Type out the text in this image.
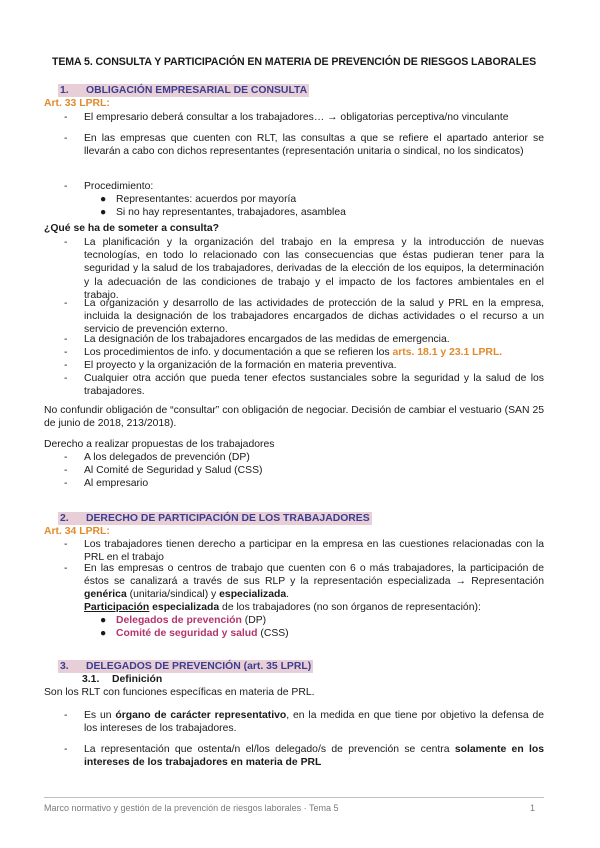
TEMA 5. CONSULTA Y PARTICIPACIÓN EN MATERIA DE PREVENCIÓN DE RIESGOS LABORALES
1. OBLIGACIÓN EMPRESARIAL DE CONSULTA
Art. 33 LPRL:
- El empresario deberá consultar a los trabajadores… → obligatorias perceptiva/no vinculante
- En las empresas que cuenten con RLT, las consultas a que se refiere el apartado anterior se llevarán a cabo con dichos representantes (representación unitaria o sindical, no los sindicatos)
- Procedimiento:
● Representantes: acuerdos por mayoría
● Si no hay representantes, trabajadores, asamblea
¿Qué se ha de someter a consulta?
- La planificación y la organización del trabajo en la empresa y la introducción de nuevas tecnologías, en todo lo relacionado con las consecuencias que éstas pudieran tener para la seguridad y la salud de los trabajadores, derivadas de la elección de los equipos, la determinación y la adecuación de las condiciones de trabajo y el impacto de los factores ambientales en el trabajo.
- La organización y desarrollo de las actividades de protección de la salud y PRL en la empresa, incluida la designación de los trabajadores encargados de dichas actividades o el recurso a un servicio de prevención externo.
- La designación de los trabajadores encargados de las medidas de emergencia.
- Los procedimientos de info. y documentación a que se refieren los arts. 18.1 y 23.1 LPRL.
- El proyecto y la organización de la formación en materia preventiva.
- Cualquier otra acción que pueda tener efectos sustanciales sobre la seguridad y la salud de los trabajadores.
No confundir obligación de “consultar” con obligación de negociar. Decisión de cambiar el vestuario (SAN 25 de junio de 2018, 213/2018).
Derecho a realizar propuestas de los trabajadores
- A los delegados de prevención (DP)
- Al Comité de Seguridad y Salud (CSS)
- Al empresario
2. DERECHO DE PARTICIPACIÓN DE LOS TRABAJADORES
Art. 34 LPRL:
- Los trabajadores tienen derecho a participar en la empresa en las cuestiones relacionadas con la PRL en el trabajo
- En las empresas o centros de trabajo que cuenten con 6 o más trabajadores, la participación de éstos se canalizará a través de sus RLP y la representación especializada → Representación genérica (unitaria/sindical) y especializada.
Participación especializada de los trabajadores (no son órganos de representación):
● Delegados de prevención (DP)
● Comité de seguridad y salud (CSS)
3. DELEGADOS DE PREVENCIÓN (art. 35 LPRL)
3.1. Definición
Son los RLT con funciones específicas en materia de PRL.
- Es un órgano de carácter representativo, en la medida en que tiene por objetivo la defensa de los intereses de los trabajadores.
- La representación que ostenta/n el/los delegado/s de prevención se centra solamente en los intereses de los trabajadores en materia de PRL
Marco normativo y gestión de la prevención de riesgos laborales · Tema 5	1
